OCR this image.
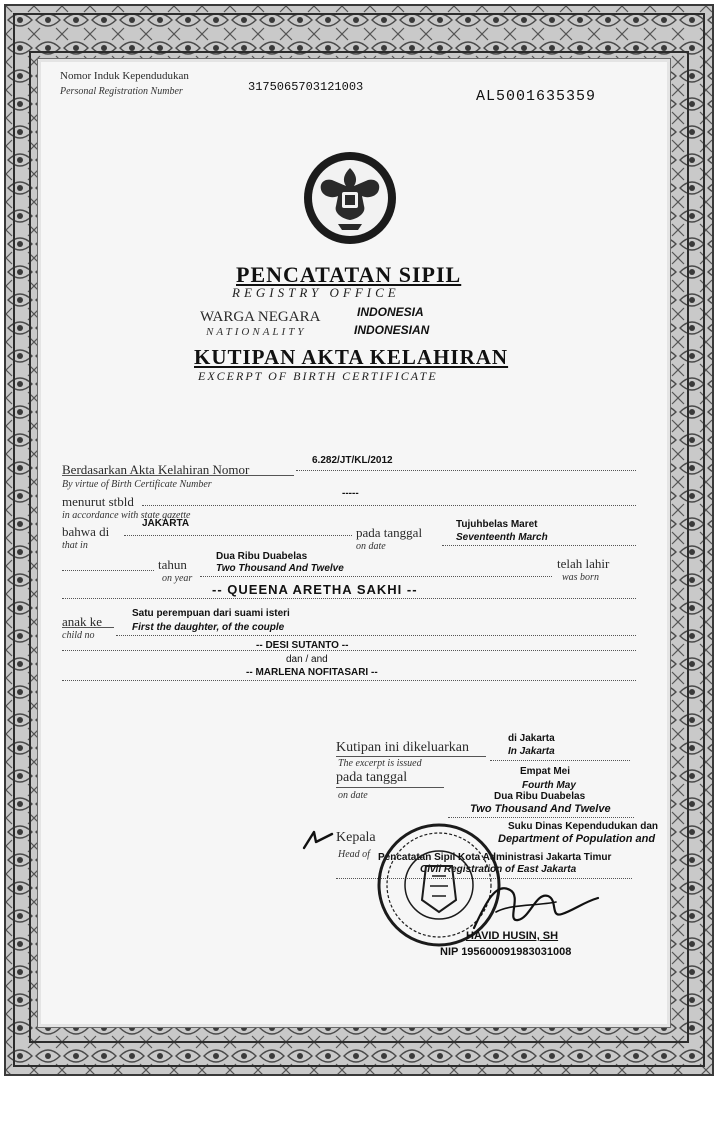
Nomor Induk Kependudukan
Personal Registration Number	3175065703121003
AL5001635359
PENCATATAN SIPIL
REGISTRY OFFICE
WARGA NEGARA
NATIONALITY
INDONESIA
INDONESIAN
KUTIPAN AKTA KELAHIRAN
EXCERPT OF BIRTH CERTIFICATE
6.282/JT/KL/2012
Berdasarkan Akta Kelahiran Nomor
By virtue of Birth Certificate Number
menurut stbld
in accordance with state gazette
-----
bahwa di
that in
JAKARTA
pada tanggal
on date
Tujuhbelas Maret
Seventeenth March
tahun
on year
Dua Ribu Duabelas
Two Thousand And Twelve	telah lahir
was born
-- QUEENA ARETHA SAKHI --
anak ke
child no
Satu perempuan dari suami isteri
First the daughter, of the couple
-- DESI SUTANTO --
dan / and
-- MARLENA NOFITASARI --
Kutipan ini dikeluarkan
The excerpt is issued
di Jakarta
In Jakarta
pada tanggal
on date
Empat Mei
Fourth May
Dua Ribu Duabelas
Two Thousand And Twelve
Kepala
Head of
Suku Dinas Kependudukan dan
Department of Population and
Pencatatan Sipil Kota Administrasi Jakarta Timur
Civil Registration of East Jakarta
HAVID HUSIN, SH
NIP 195600091983031008
